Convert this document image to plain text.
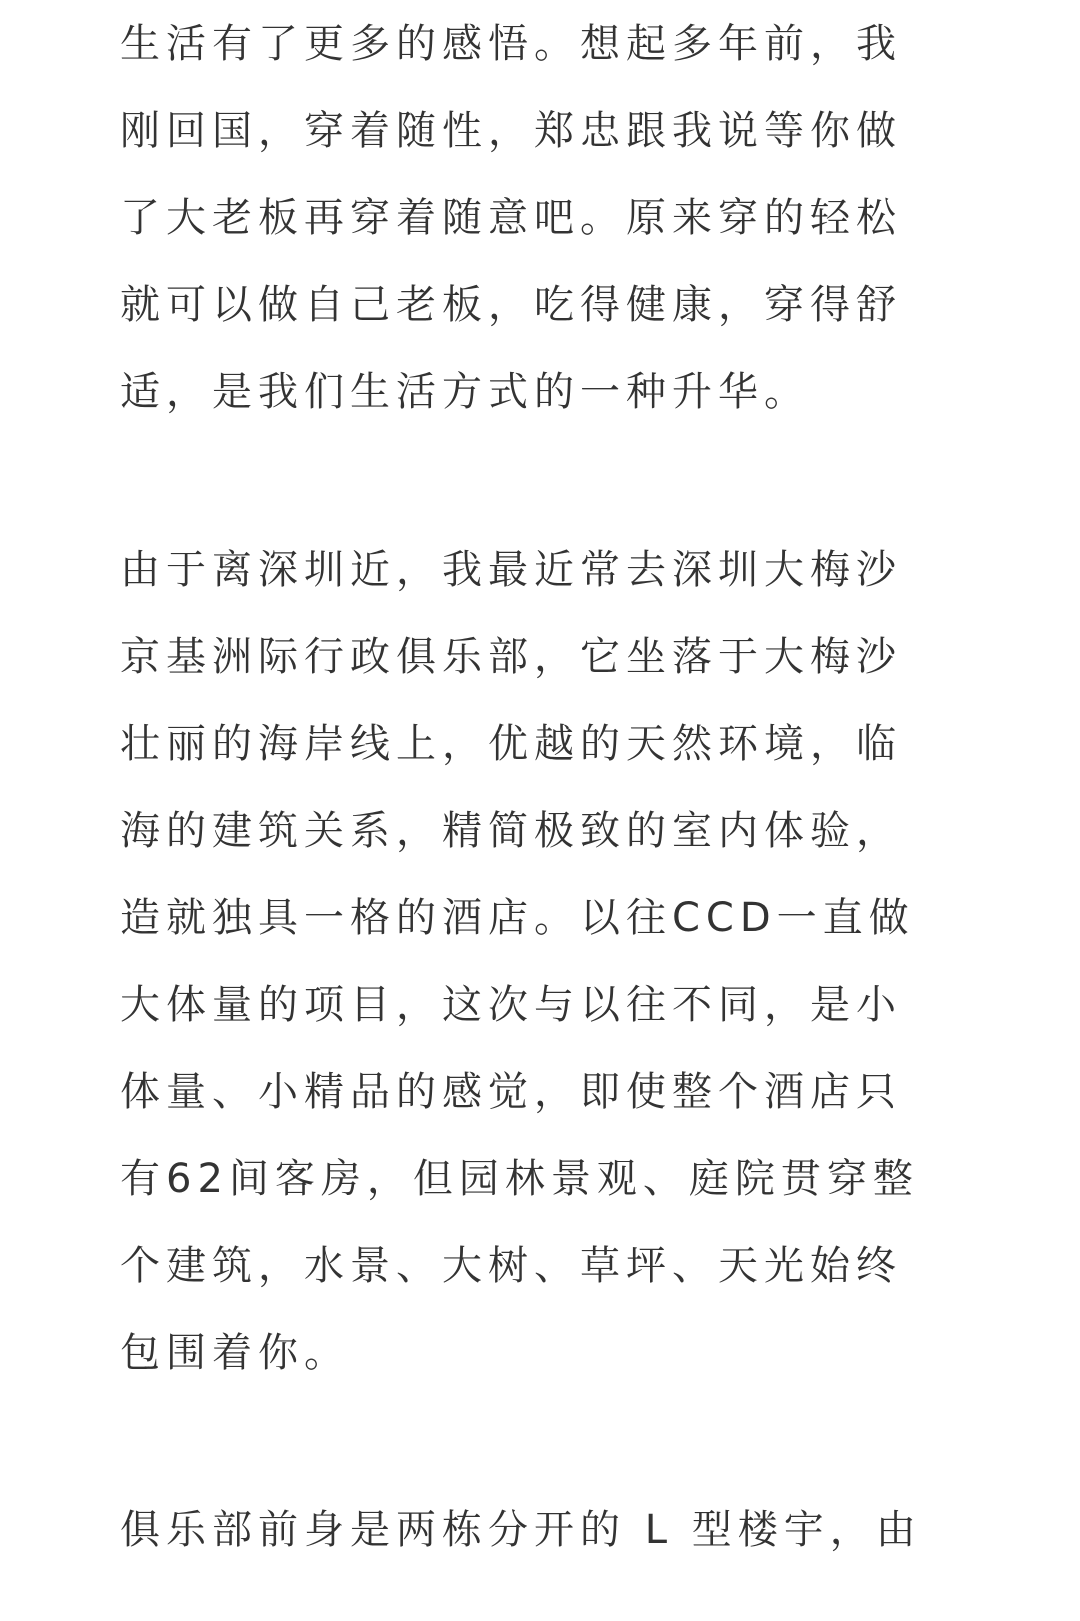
生活有了更多的感悟。想起多年前，我
刚回国，穿着随性，郑忠跟我说等你做
了大老板再穿着随意吧。原来穿的轻松
就可以做自己老板，吃得健康，穿得舒
适，是我们生活方式的一种升华。
由于离深圳近，我最近常去深圳大梅沙
京基洲际行政俱乐部，它坐落于大梅沙
壮丽的海岸线上，优越的天然环境，临
海的建筑关系，精简极致的室内体验，
造就独具一格的酒店。以往CCD一直做
大体量的项目，这次与以往不同，是小
体量、小精品的感觉，即使整个酒店只
有62间客房，但园林景观、庭院贯穿整
个建筑，水景、大树、草坪、天光始终
包围着你。
俱乐部前身是两栋分开的 L 型楼宇，由
